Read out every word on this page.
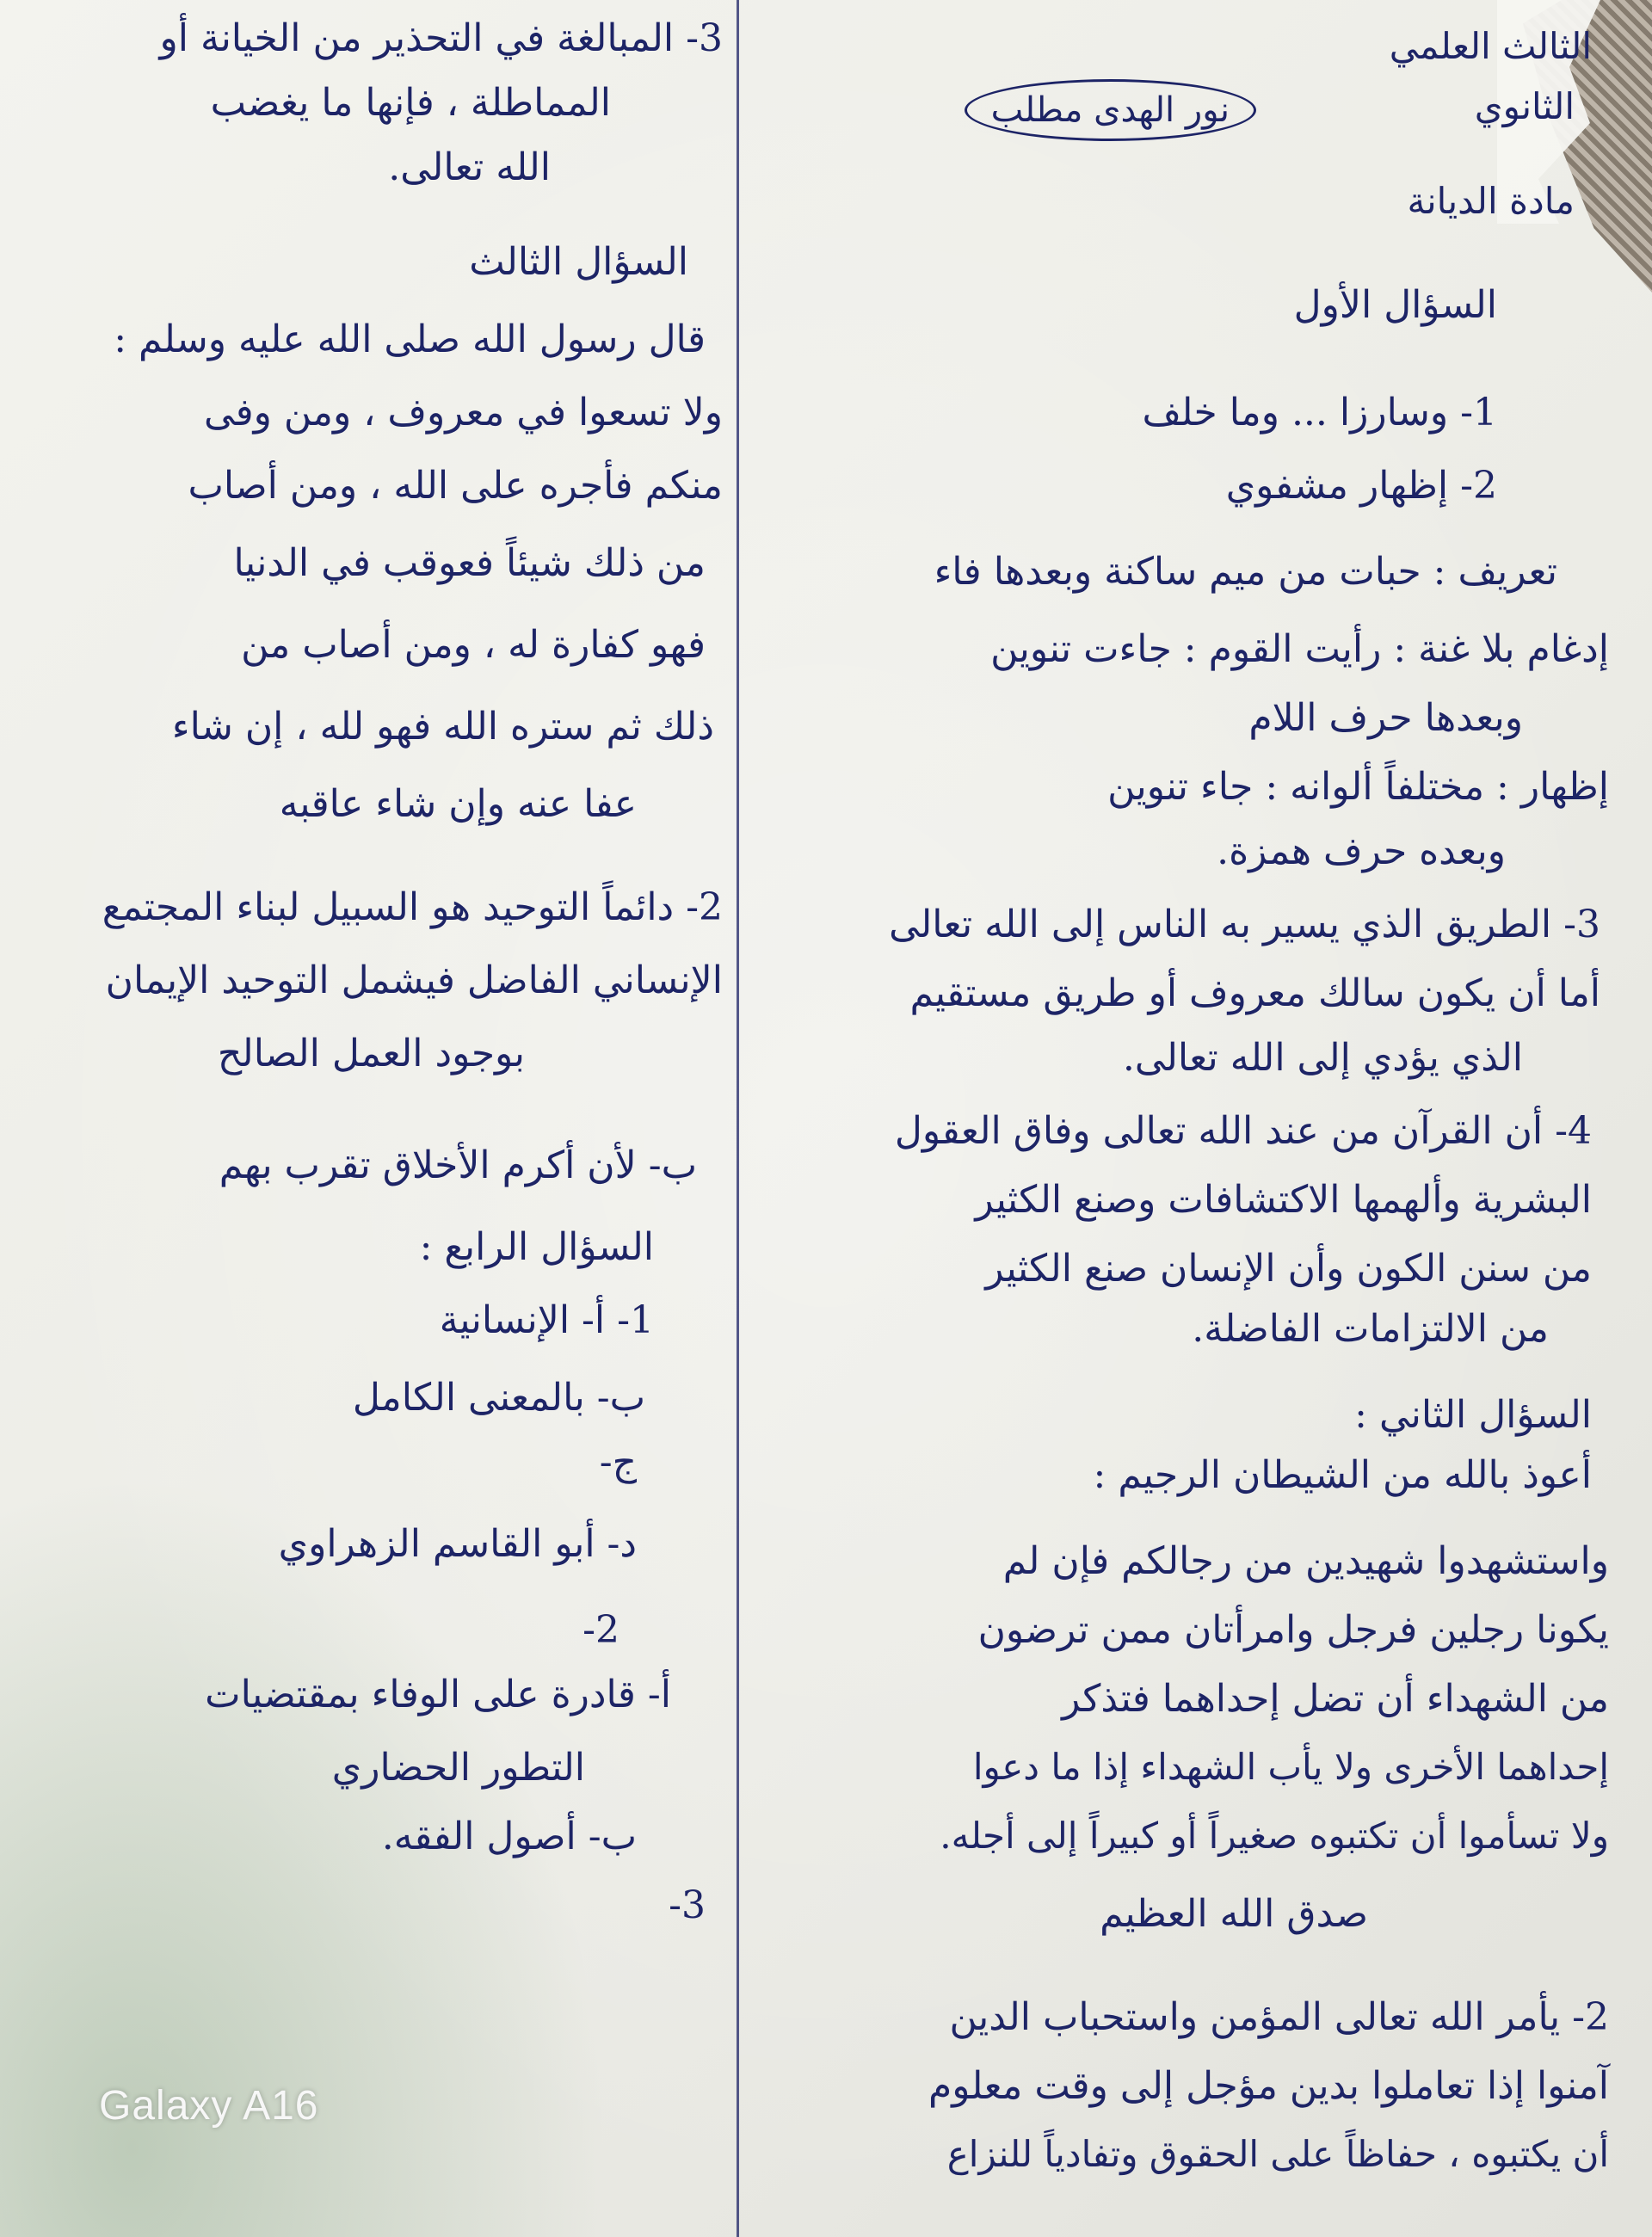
الثالث العلمي
الثانوي
مادة الديانة
نور الهدى مطلب
السؤال الأول
1- وسارزا ... وما خلف
2- إظهار مشفوي
تعريف : حبات من ميم ساكنة وبعدها فاء
إدغام بلا غنة : رأيت القوم : جاءت تنوين
وبعدها حرف اللام
إظهار : مختلفاً ألوانه : جاء تنوين
وبعده حرف همزة.
3- الطريق الذي يسير به الناس إلى الله تعالى
أما أن يكون سالك معروف أو طريق مستقيم
الذي يؤدي إلى الله تعالى.
4- أن القرآن من عند الله تعالى وفاق العقول
البشرية وألهمها الاكتشافات وصنع الكثير
من سنن الكون وأن الإنسان صنع الكثير
من الالتزامات الفاضلة.
السؤال الثاني :
أعوذ بالله من الشيطان الرجيم :
واستشهدوا شهيدين من رجالكم فإن لم
يكونا رجلين فرجل وامرأتان ممن ترضون
من الشهداء أن تضل إحداهما فتذكر
إحداهما الأخرى ولا يأب الشهداء إذا ما دعوا
ولا تسأموا أن تكتبوه صغيراً أو كبيراً إلى أجله.
صدق الله العظيم
2- يأمر الله تعالى المؤمن واستحباب الدين
آمنوا إذا تعاملوا بدين مؤجل إلى وقت معلوم
أن يكتبوه ، حفاظاً على الحقوق وتفادياً للنزاع
3- المبالغة في التحذير من الخيانة أو
المماطلة ، فإنها ما يغضب
الله تعالى.
السؤال الثالث
قال رسول الله صلى الله عليه وسلم :
ولا تسعوا في معروف ، ومن وفى
منكم فأجره على الله ، ومن أصاب
من ذلك شيئاً فعوقب في الدنيا
فهو كفارة له ، ومن أصاب من
ذلك ثم ستره الله فهو لله ، إن شاء
عفا عنه وإن شاء عاقبه
2- دائماً التوحيد هو السبيل لبناء المجتمع
الإنساني الفاضل فيشمل التوحيد الإيمان
بوجود العمل الصالح
ب- لأن أكرم الأخلاق تقرب بهم
السؤال الرابع :
1- أ- الإنسانية
ب- بالمعنى الكامل
ج-
د- أبو القاسم الزهراوي
2-
أ- قادرة على الوفاء بمقتضيات
التطور الحضاري
ب- أصول الفقه.
3-
Galaxy A16
